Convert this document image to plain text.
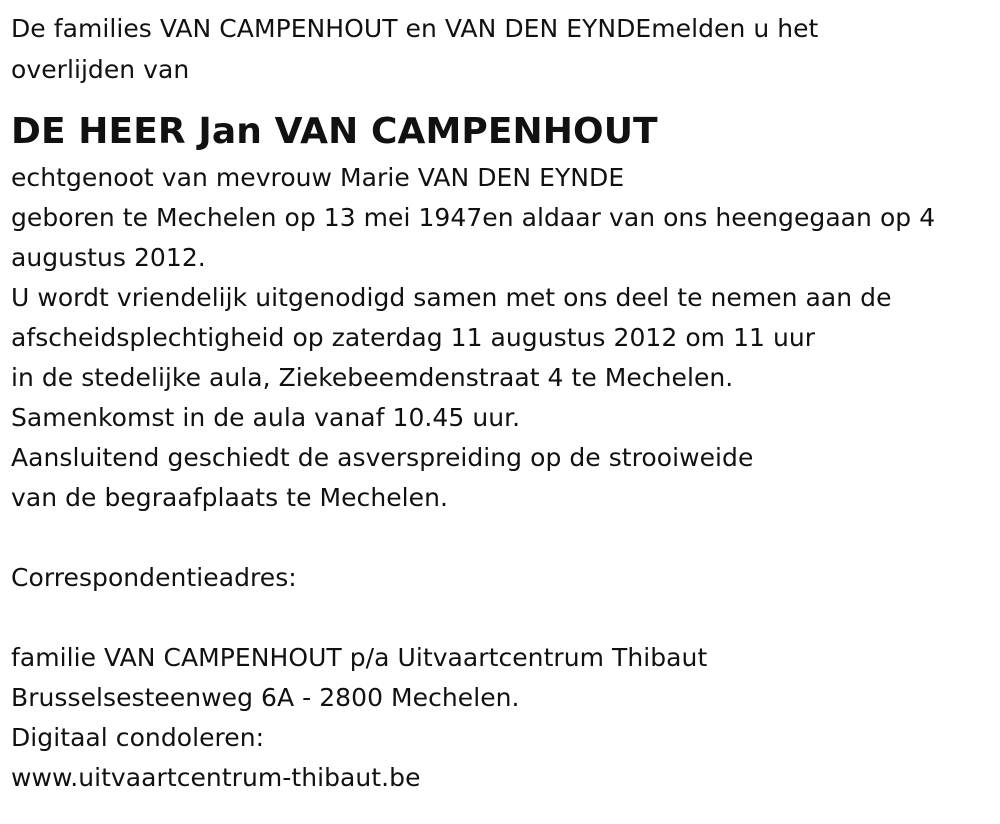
De families VAN CAMPENHOUT en VAN DEN EYNDEmelden u het
overlijden van
DE HEER Jan VAN CAMPENHOUT
echtgenoot van mevrouw Marie VAN DEN EYNDE
geboren te Mechelen op 13 mei 1947en aldaar van ons heengegaan op 4
augustus 2012.
U wordt vriendelijk uitgenodigd samen met ons deel te nemen aan de
afscheidsplechtigheid op zaterdag 11 augustus 2012 om 11 uur
in de stedelijke aula, Ziekebeemdenstraat 4 te Mechelen.
Samenkomst in de aula vanaf 10.45 uur.
Aansluitend geschiedt de asverspreiding op de strooiweide
van de begraafplaats te Mechelen.
Correspondentieadres:
familie VAN CAMPENHOUT p/a Uitvaartcentrum Thibaut
Brusselsesteenweg 6A - 2800 Mechelen.
Digitaal condoleren:
www.uitvaartcentrum-thibaut.be
